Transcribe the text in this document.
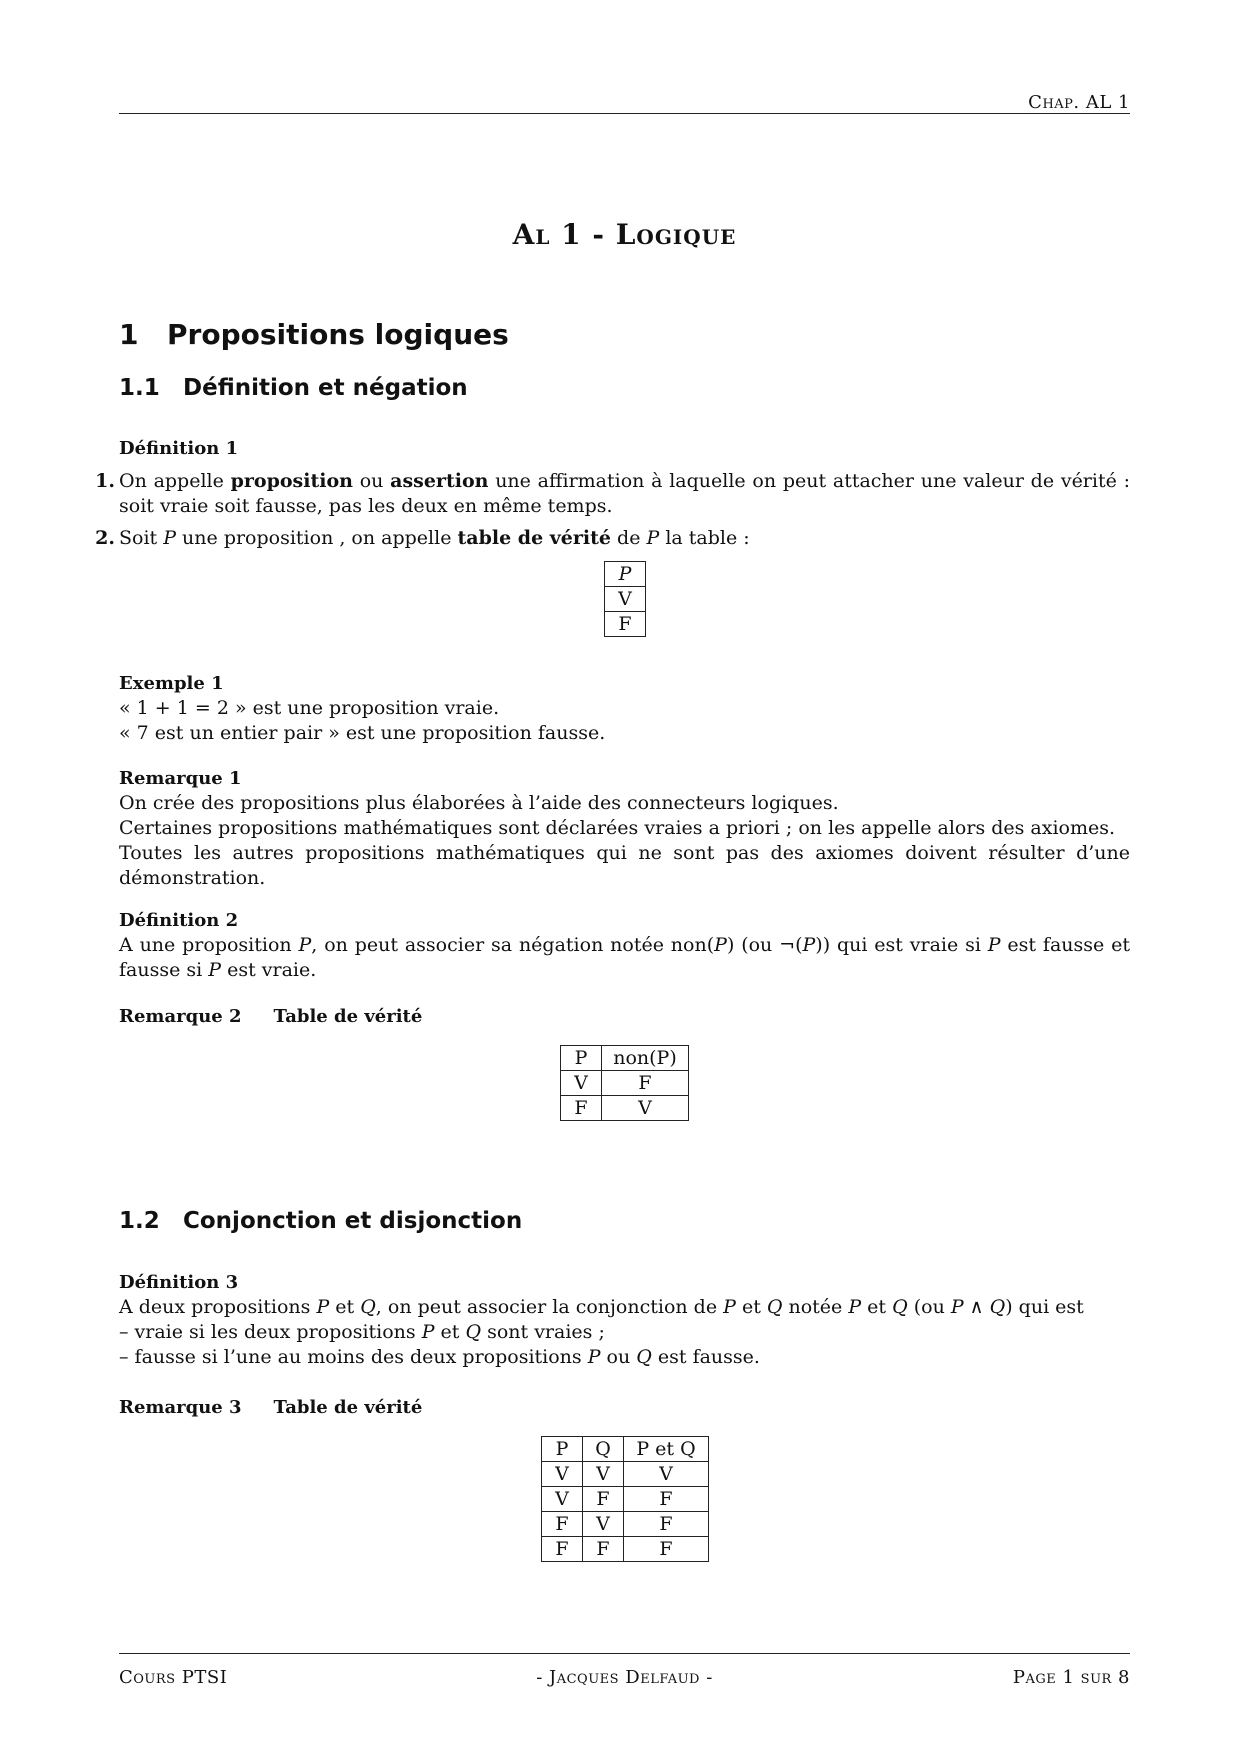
Chap. AL 1
Al 1 - Logique
1 Propositions logiques
1.1 Définition et négation
Définition 1
1. On appelle proposition ou assertion une affirmation à laquelle on peut attacher une valeur de vérité : soit vraie soit fausse, pas les deux en même temps.
2. Soit P une proposition , on appelle table de vérité de P la table :
P
V
F
Exemple 1
« 1 + 1 = 2 » est une proposition vraie.
« 7 est un entier pair » est une proposition fausse.
Remarque 1
On crée des propositions plus élaborées à l’aide des connecteurs logiques.
Certaines propositions mathématiques sont déclarées vraies a priori ; on les appelle alors des axiomes.
Toutes les autres propositions mathématiques qui ne sont pas des axiomes doivent résulter d’une démonstration.
Définition 2
A une proposition P, on peut associer sa négation notée non(P) (ou ¬(P)) qui est vraie si P est fausse et fausse si P est vraie.
Remarque 2 Table de vérité
P	non(P)
V	F
F	V
1.2 Conjonction et disjonction
Définition 3
A deux propositions P et Q, on peut associer la conjonction de P et Q notée P et Q (ou P ∧ Q) qui est
– vraie si les deux propositions P et Q sont vraies ;
– fausse si l’une au moins des deux propositions P ou Q est fausse.
Remarque 3 Table de vérité
P	Q	P et Q
V	V	V
V	F	F
F	V	F
F	F	F
Cours PTSI	- Jacques Delfaud -	Page 1 sur 8
